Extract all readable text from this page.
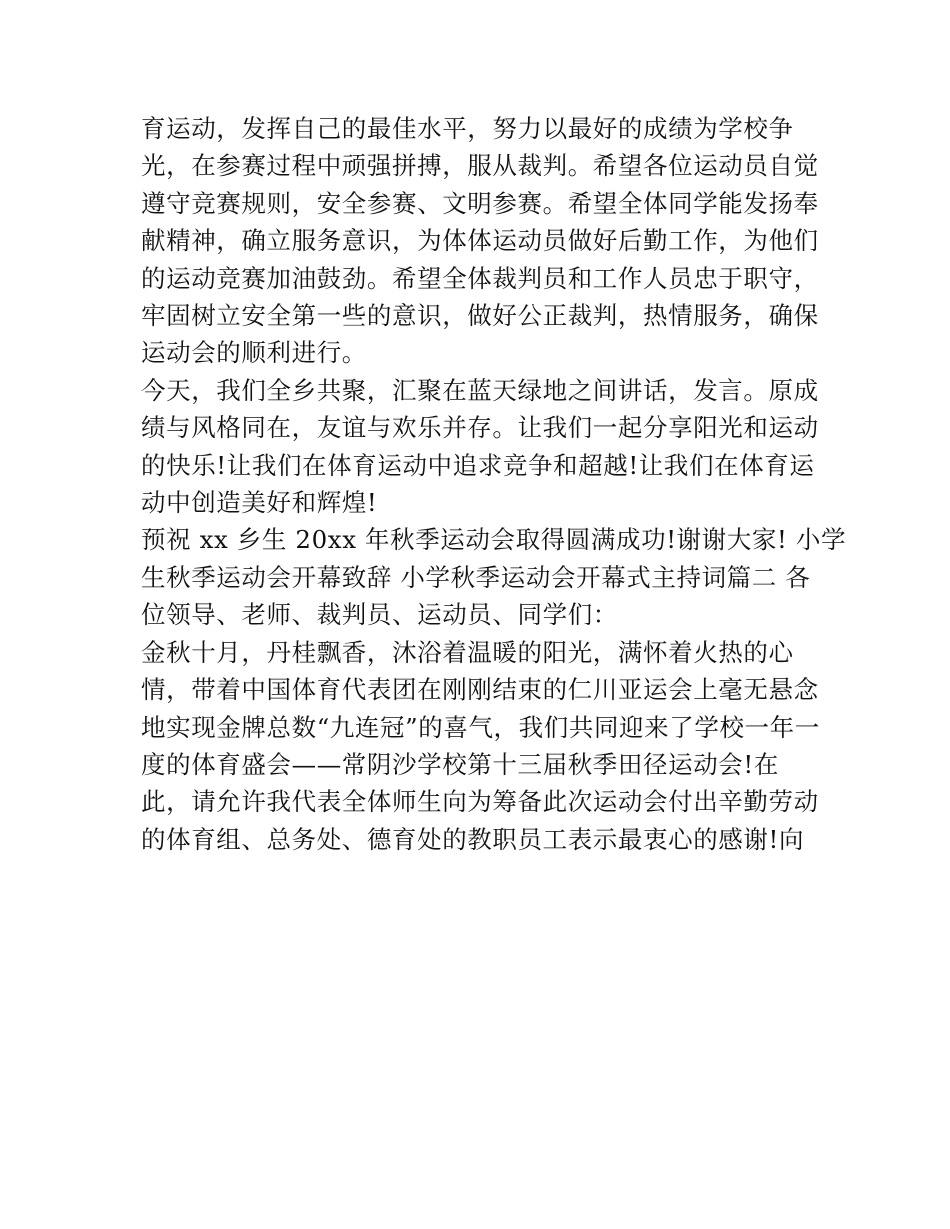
育运动，发挥自己的最佳水平，努力以最好的成绩为学校争
光，在参赛过程中顽强拼搏，服从裁判。希望各位运动员自觉
遵守竞赛规则，安全参赛、文明参赛。希望全体同学能发扬奉
献精神，确立服务意识，为体体运动员做好后勤工作，为他们
的运动竞赛加油鼓劲。希望全体裁判员和工作人员忠于职守，
牢固树立安全第一些的意识，做好公正裁判，热情服务，确保
运动会的顺利进行。
今天，我们全乡共聚，汇聚在蓝天绿地之间讲话，发言。原成
绩与风格同在，友谊与欢乐并存。让我们一起分享阳光和运动
的快乐!让我们在体育运动中追求竞争和超越!让我们在体育运
动中创造美好和辉煌!
预祝 xx 乡生 20xx 年秋季运动会取得圆满成功!谢谢大家! 小学
生秋季运动会开幕致辞 小学秋季运动会开幕式主持词篇二 各
位领导、老师、裁判员、运动员、同学们：
金秋十月，丹桂飘香，沐浴着温暖的阳光，满怀着火热的心
情，带着中国体育代表团在刚刚结束的仁川亚运会上毫无悬念
地实现金牌总数“九连冠”的喜气，我们共同迎来了学校一年一
度的体育盛会——常阴沙学校第十三届秋季田径运动会!在
此，请允许我代表全体师生向为筹备此次运动会付出辛勤劳动
的体育组、总务处、德育处的教职员工表示最衷心的感谢!向
